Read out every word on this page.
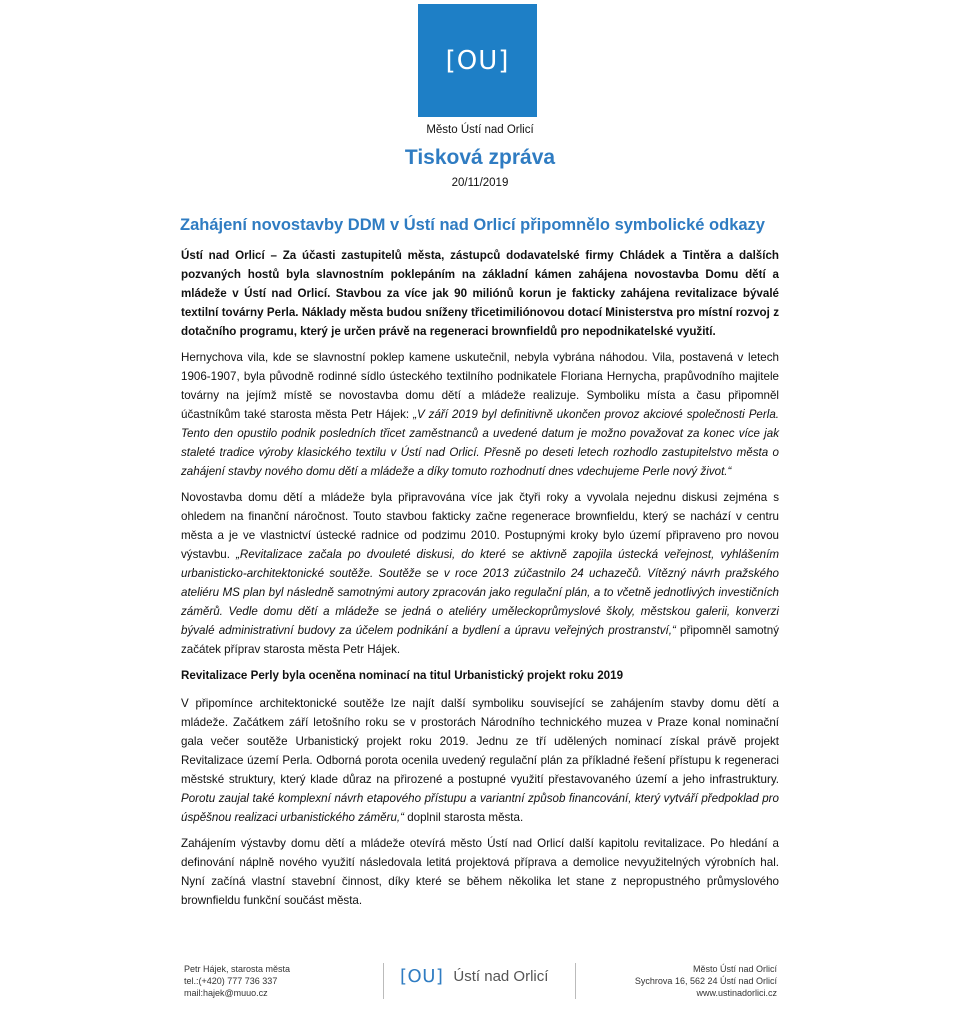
[OU]
Město Ústí nad Orlicí
Tisková zpráva
20/11/2019
Zahájení novostavby DDM v Ústí nad Orlicí připomnělo symbolické odkazy

Ústí nad Orlicí – Za účasti zastupitelů města, zástupců dodavatelské firmy Chládek a Tintěra a dalších pozvaných hostů byla slavnostním poklepáním na základní kámen zahájena novostavba Domu dětí a mládeže v Ústí nad Orlicí. Stavbou za více jak 90 miliónů korun je fakticky zahájena revitalizace bývalé textilní továrny Perla. Náklady města budou sníženy třicetimiliónovou dotací Ministerstva pro místní rozvoj z dotačního programu, který je určen právě na regeneraci brownfieldů pro nepodnikatelské využití.

Hernychova vila, kde se slavnostní poklep kamene uskutečnil, nebyla vybrána náhodou. Vila, postavená v letech 1906-1907, byla původně rodinné sídlo ústeckého textilního podnikatele Floriana Hernycha, prapůvodního majitele továrny na jejímž místě se novostavba domu dětí a mládeže realizuje. Symboliku místa a času připomněl účastníkům také starosta města Petr Hájek: „V září 2019 byl definitivně ukončen provoz akciové společnosti Perla. Tento den opustilo podnik posledních třicet zaměstnanců a uvedené datum je možno považovat za konec více jak staleté tradice výroby klasického textilu v Ústí nad Orlicí. Přesně po deseti letech rozhodlo zastupitelstvo města o zahájení stavby nového domu dětí a mládeže a díky tomuto rozhodnutí dnes vdechujeme Perle nový život.“

Novostavba domu dětí a mládeže byla připravována více jak čtyři roky a vyvolala nejednu diskusi zejména s ohledem na finanční náročnost. Touto stavbou fakticky začne regenerace brownfieldu, který se nachází v centru města a je ve vlastnictví ústecké radnice od podzimu 2010. Postupnými kroky bylo území připraveno pro novou výstavbu. „Revitalizace začala po dvouleté diskusi, do které se aktivně zapojila ústecká veřejnost, vyhlášením urbanisticko-architektonické soutěže. Soutěže se v roce 2013 zúčastnilo 24 uchazečů. Vítězný návrh pražského ateliéru MS plan byl následně samotnými autory zpracován jako regulační plán, a to včetně jednotlivých investičních záměrů. Vedle domu dětí a mládeže se jedná o ateliéry uměleckoprůmyslové školy, městskou galerii, konverzi bývalé administrativní budovy za účelem podnikání a bydlení a úpravu veřejných prostranství,“ připomněl samotný začátek příprav starosta města Petr Hájek.

Revitalizace Perly byla oceněna nominací na titul Urbanistický projekt roku 2019

V připomínce architektonické soutěže lze najít další symboliku související se zahájením stavby domu dětí a mládeže. Začátkem září letošního roku se v prostorách Národního technického muzea v Praze konal nominační gala večer soutěže Urbanistický projekt roku 2019. Jednu ze tří udělených nominací získal právě projekt Revitalizace území Perla. Odborná porota ocenila uvedený regulační plán za příkladné řešení přístupu k regeneraci městské struktury, který klade důraz na přirozené a postupné využití přestavovaného území a jeho infrastruktury. Porotu zaujal také komplexní návrh etapového přístupu a variantní způsob financování, který vytváří předpoklad pro úspěšnou realizaci urbanistického záměru,“ doplnil starosta města.

Zahájením výstavby domu dětí a mládeže otevírá město Ústí nad Orlicí další kapitolu revitalizace. Po hledání a definování náplně nového využití následovala letitá projektová příprava a demolice nevyužitelných výrobních hal. Nyní začíná vlastní stavební činnost, díky které se během několika let stane z nepropustného průmyslového brownfieldu funkční součást města.

Petr Hájek, starosta města
tel.:(+420) 777 736 337
mail:hajek@muuo.cz
[OU] Ústí nad Orlicí	Město Ústí nad Orlicí
Sychrova 16, 562 24 Ústí nad Orlicí
www.ustinadorlici.cz
